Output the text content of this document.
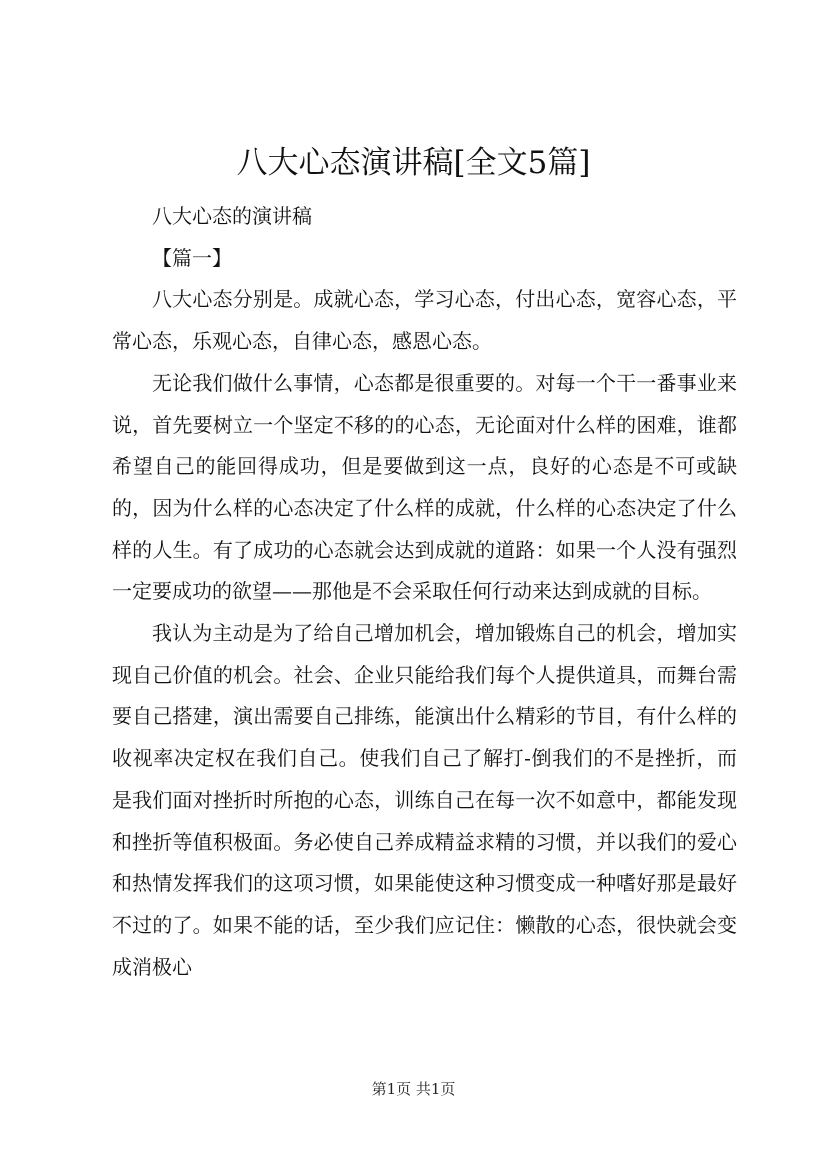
八大心态演讲稿[全文5篇]

八大心态的演讲稿

【篇一】

八大心态分别是。成就心态，学习心态，付出心态，宽容心态，平常心态，乐观心态，自律心态，感恩心态。

无论我们做什么事情，心态都是很重要的。对每一个干一番事业来说，首先要树立一个坚定不移的的心态，无论面对什么样的困难，谁都希望自己的能回得成功，但是要做到这一点，良好的心态是不可或缺的，因为什么样的心态决定了什么样的成就，什么样的心态决定了什么样的人生。有了成功的心态就会达到成就的道路：如果一个人没有强烈一定要成功的欲望——那他是不会采取任何行动来达到成就的目标。

我认为主动是为了给自己增加机会，增加锻炼自己的机会，增加实现自己价值的机会。社会、企业只能给我们每个人提供道具，而舞台需要自己搭建，演出需要自己排练，能演出什么精彩的节目，有什么样的收视率决定权在我们自己。使我们自己了解打-倒我们的不是挫折，而是我们面对挫折时所抱的心态，训练自己在每一次不如意中，都能发现和挫折等值积极面。务必使自己养成精益求精的习惯，并以我们的爱心和热情发挥我们的这项习惯，如果能使这种习惯变成一种嗜好那是最好不过的了。如果不能的话，至少我们应记住：懒散的心态，很快就会变成消极心

第1页 共1页
